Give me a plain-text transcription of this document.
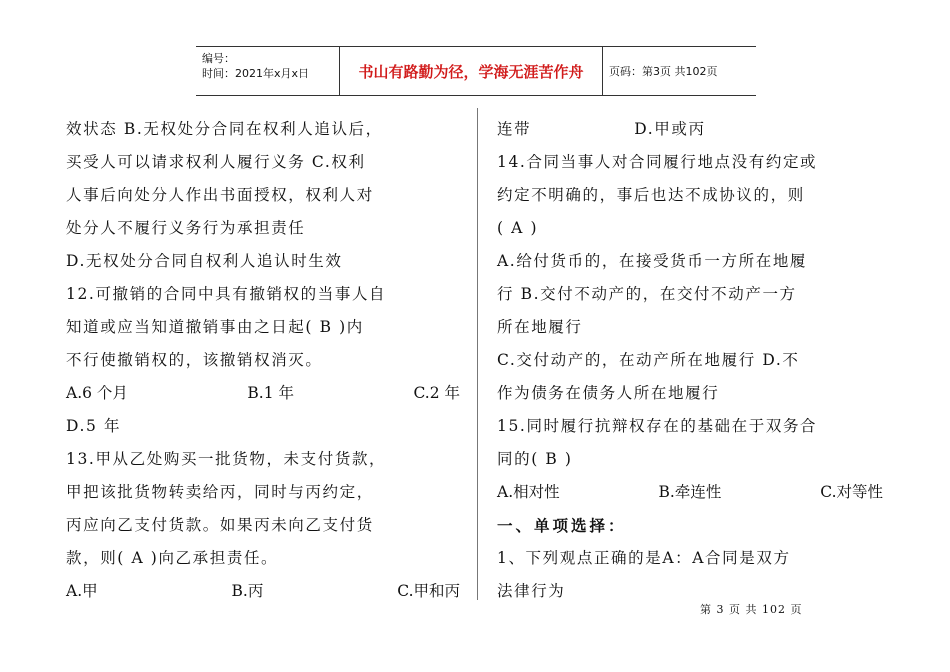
编号：
时间：2021年x月x日	书山有路勤为径，学海无涯苦作舟	页码：第3页 共102页
效状态 B.无权处分合同在权利人追认后，
买受人可以请求权利人履行义务 C.权利
人事后向处分人作出书面授权，权利人对
处分人不履行义务行为承担责任
D.无权处分合同自权利人追认时生效
12.可撤销的合同中具有撤销权的当事人自
知道或应当知道撤销事由之日起( B )内
不行使撤销权的，该撤销权消灭。
A.6 个月	B.1 年	C.2 年
D.5 年
13.甲从乙处购买一批货物，未支付货款，
甲把该批货物转卖给丙，同时与丙约定，
丙应向乙支付货款。如果丙未向乙支付货
款，则( A )向乙承担责任。
A.甲	B.丙	C.甲和丙
连带	D.甲或丙
14.合同当事人对合同履行地点没有约定或
约定不明确的，事后也达不成协议的，则
( A )
A.给付货币的，在接受货币一方所在地履
行 B.交付不动产的，在交付不动产一方
所在地履行
C.交付动产的，在动产所在地履行 D.不
作为债务在债务人所在地履行
15.同时履行抗辩权存在的基础在于双务合
同的( B )
A.相对性	B.牵连性	C.对等性
一、单项选择：
1、下列观点正确的是A：A合同是双方
法律行为
第 3 页 共 102 页
